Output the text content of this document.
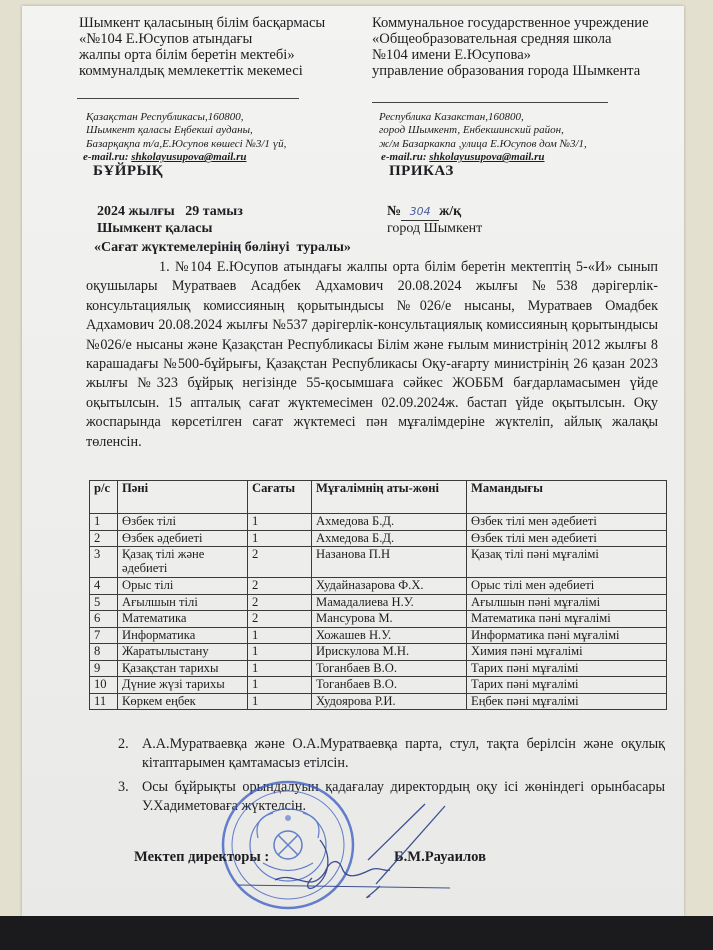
Шымкент қаласының білім басқармасы
«№104 Е.Юсупов атындағы
жалпы орта білім беретін мектебі»
коммуналдық мемлекеттік мекемесі
Коммунальное государственное учреждение
«Общеобразовательная средняя школа
№104 имени Е.Юсупова»
управление образования города Шымкента
Қазақстан Республикасы,160800,
Шымкент қаласы Еңбекші ауданы,
Базарқақпа т/а,Е.Юсупов көшесі №3/1 үй,
e-mail.ru: shkolayusupova@mail.ru
Республика Казакстан,160800,
город Шымкент, Енбекшинский район,
ж/м Базаркакпа ,улица Е.Юсупов дом №3/1,
e-mail.ru: shkolayusupova@mail.ru
БҰЙРЫҚ	ПРИКАЗ
2024 жылғы   29 тамыз
Шымкент қаласы
№ 304 ж/қ
город Шымкент
«Сағат жүктемелерінің бөлінуі  туралы»
1. №104 Е.Юсупов атындағы жалпы орта білім беретін мектептің 5-«И» сынып оқушылары Муратваев Асадбек Адхамович 20.08.2024 жылғы №538 дәрігерлік-консультациялық комиссияның қорытындысы №026/е нысаны, Муратваев Омадбек Адхамович 20.08.2024 жылғы №537 дәрігерлік-консультациялық комиссияның қорытындысы №026/е нысаны және Қазақстан Республикасы Білім және ғылым министрінің 2012 жылғы 8 карашадағы №500-бұйрығы, Қазақстан Республикасы Оқу-ағарту министрінің 26 қазан 2023 жылғы №323 бұйрық негізінде 55-қосымшаға сәйкес ЖОББМ бағдарламасымен үйде оқытылсын. 15 апталық сағат жүктемесімен 02.09.2024ж. бастап үйде оқытылсын. Оқу жоспарында көрсетілген сағат жүктемесі пән мұғалімдеріне жүктеліп, айлық жалақы төленсін.
р/с	Пәні	Сағаты	Мұғалімнің аты-жөні	Мамандығы
1	Өзбек тілі	1	Ахмедова Б.Д.	Өзбек тілі мен әдебиеті
2	Өзбек әдебиеті	1	Ахмедова Б.Д.	Өзбек тілі мен әдебиеті
3	Қазақ тілі және әдебиеті	2	Назанова П.Н	Қазақ тілі пәні мұғалімі
4	Орыс тілі	2	Худайназарова Ф.Х.	Орыс тілі мен әдебиеті
5	Ағылшын тілі	2	Мамадалиева Н.У.	Ағылшын пәні мұғалімі
6	Математика	2	Мансурова М.	Математика пәні мұғалімі
7	Информатика	1	Хожашев Н.У.	Информатика пәні мұғалімі
8	Жаратылыстану	1	Ирискулова М.Н.	Химия пәні мұғалімі
9	Қазақстан тарихы	1	Тоганбаев В.О.	Тарих пәні мұғалімі
10	Дүние жүзі тарихы	1	Тоганбаев В.О.	Тарих пәні мұғалімі
11	Көркем еңбек	1	Худоярова Р.И.	Еңбек пәні мұғалімі
2. А.А.Муратваевқа және О.А.Муратваевқа парта, стул, тақта берілсін және оқулық кітаптарымен қамтамасыз етілсін.
3. Осы бұйрықты орындалуын қадағалау директордың оқу ісі жөніндегі орынбасары У.Хадиметоваға жүктелсін.
Мектеп директоры :	Б.М.Рауаилов
